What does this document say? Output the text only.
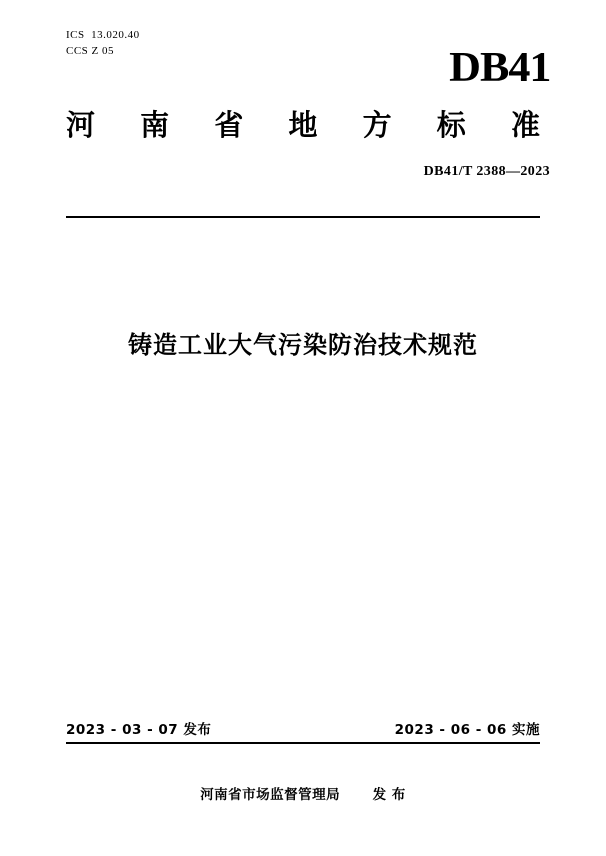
ICS  13.020.40
CCS Z 05	DB41
河 南 省 地 方 标 准
DB41/T 2388—2023
铸造工业大气污染防治技术规范
2023 - 03 - 07 发布	2023 - 06 - 06 实施
河南省市场监督管理局 发 布
